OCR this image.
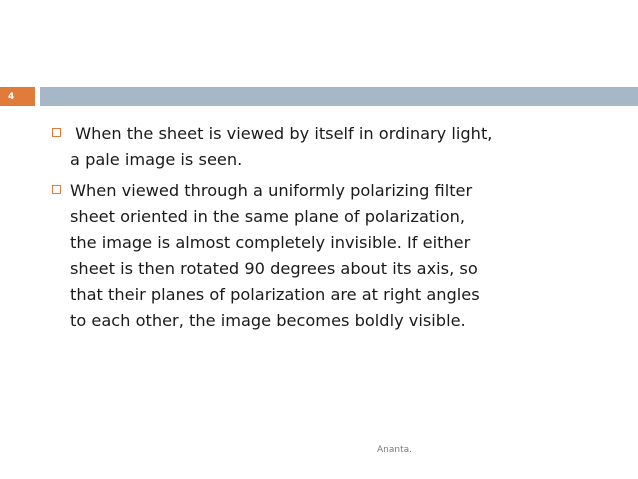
4
When the sheet is viewed by itself in ordinary light,
a pale image is seen.
When viewed through a uniformly polarizing filter
sheet oriented in the same plane of polarization,
the image is almost completely invisible. If either
sheet is then rotated 90 degrees about its axis, so
that their planes of polarization are at right angles
to each other, the image becomes boldly visible.
Ananta.
